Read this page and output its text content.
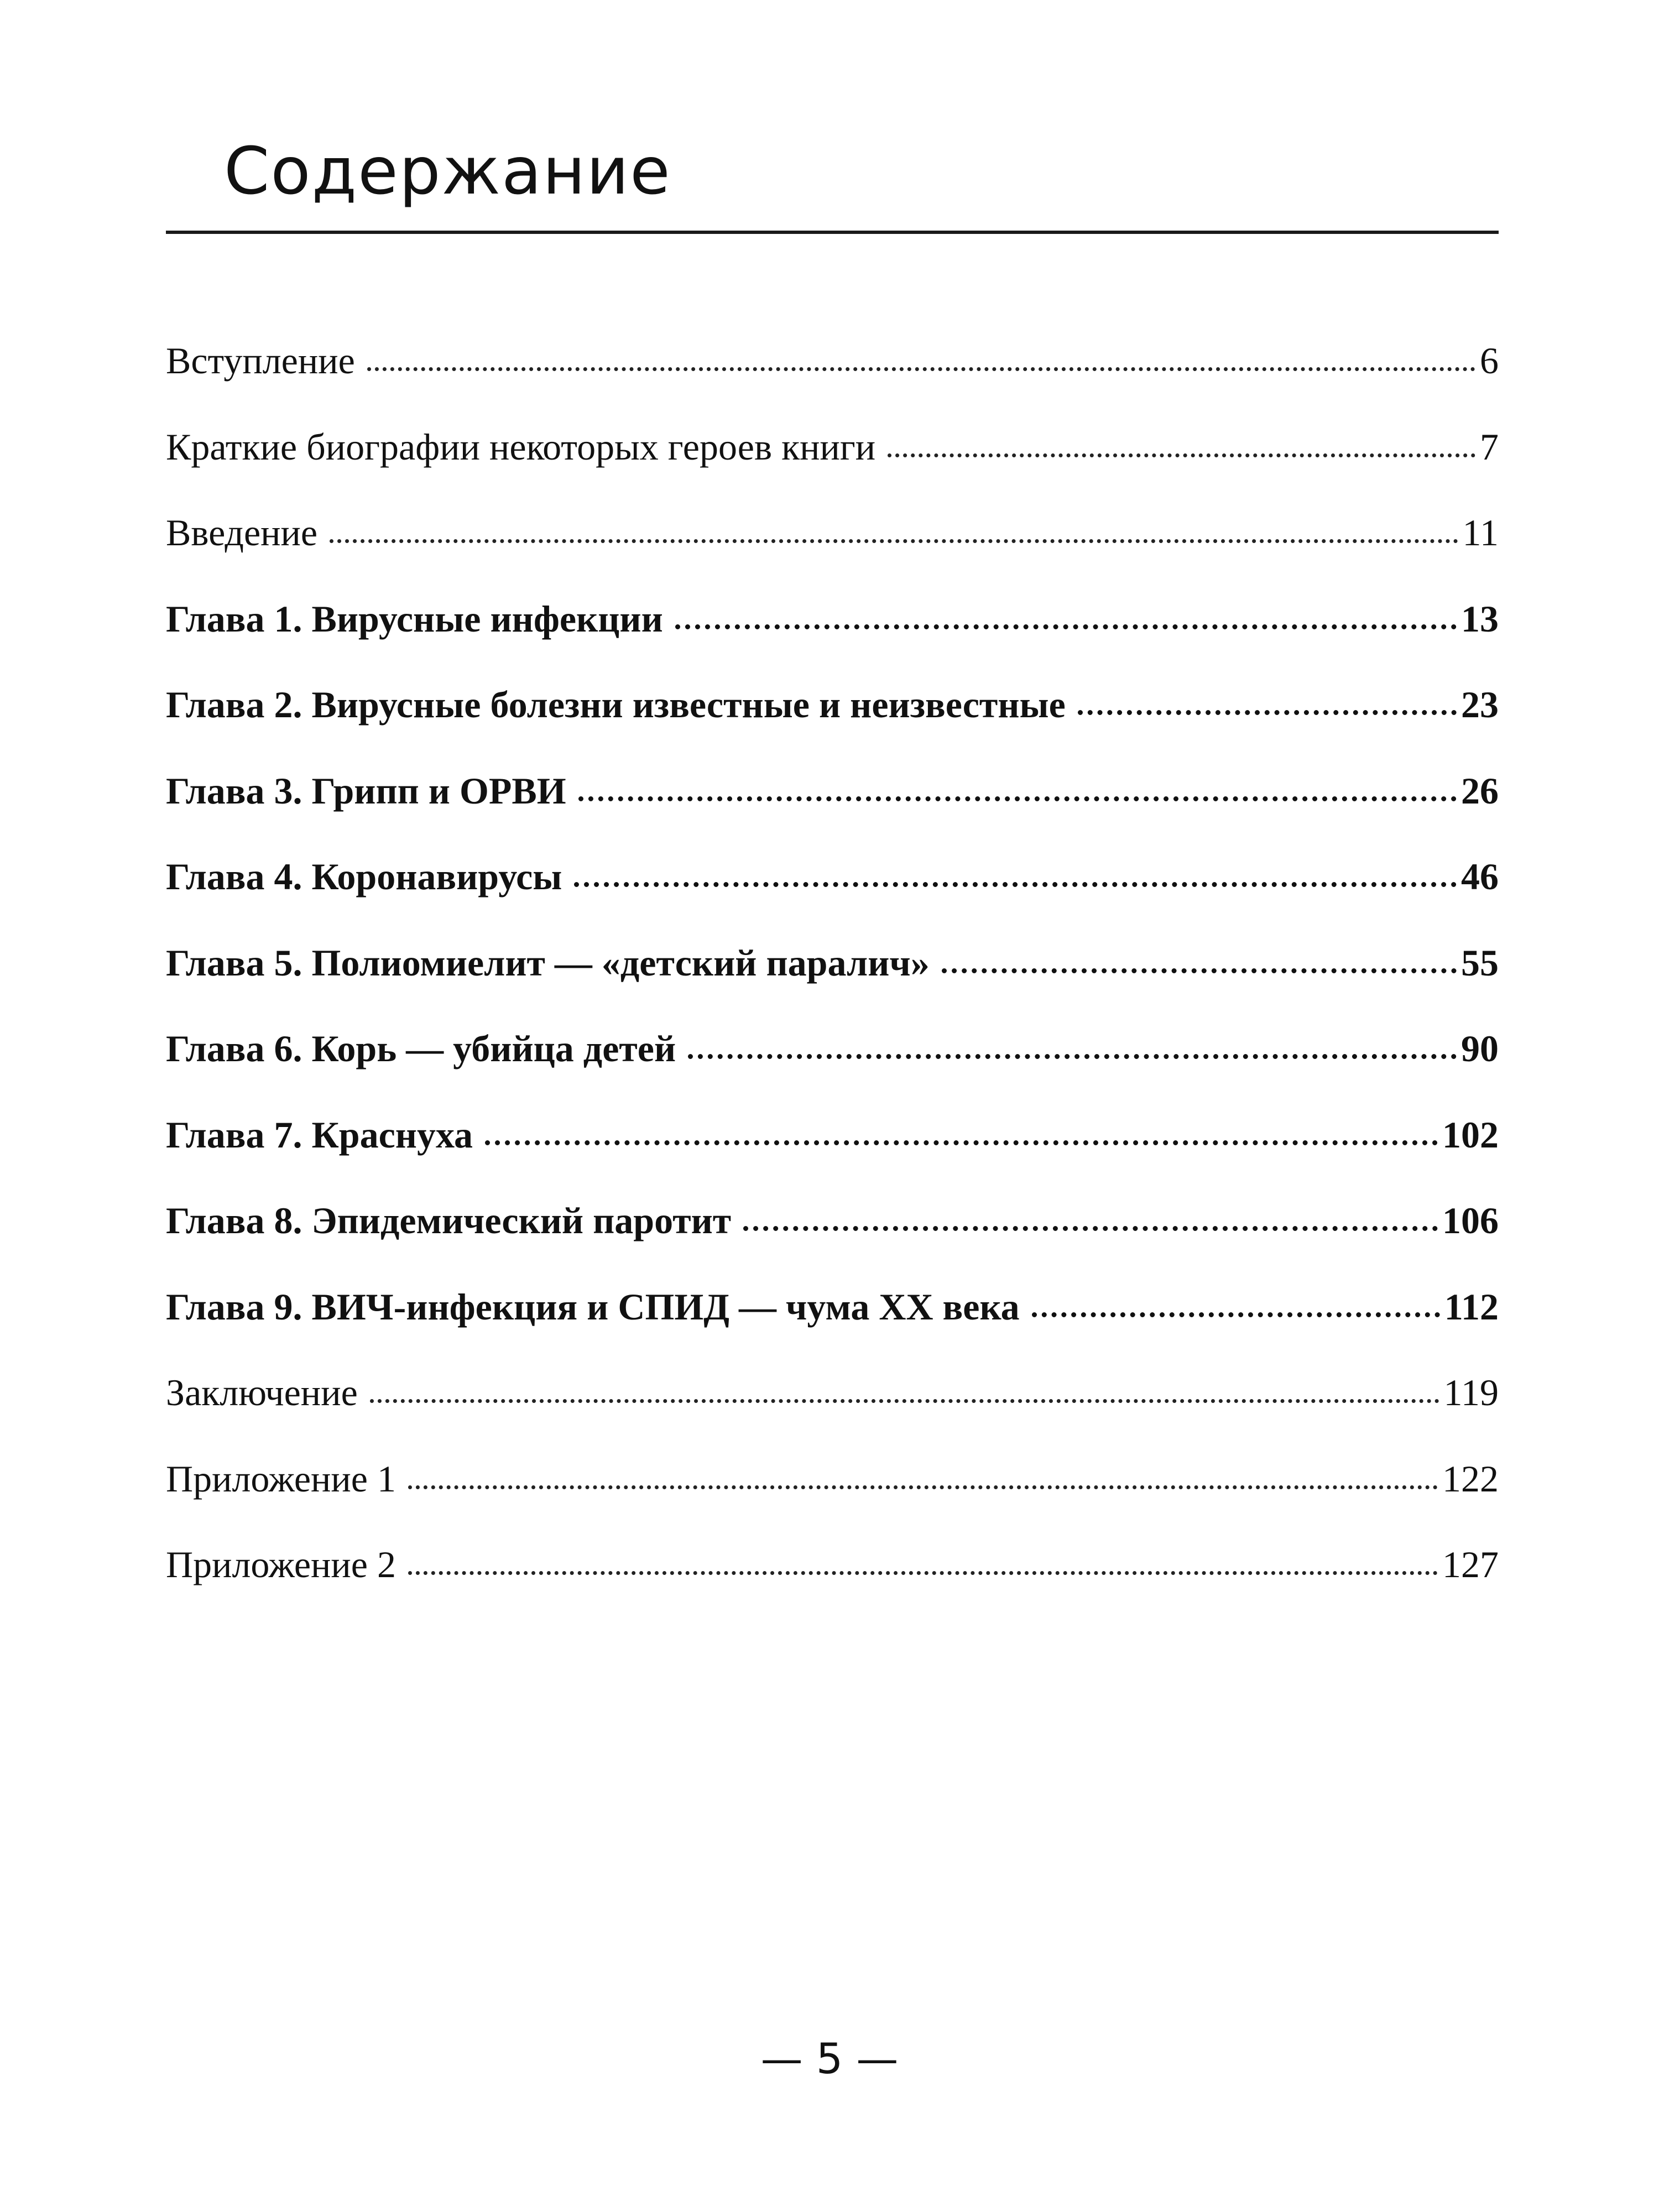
Содержание
Вступление	6
Краткие биографии некоторых героев книги	7
Введение	11
Глава 1. Вирусные инфекции	13
Глава 2. Вирусные болезни известные и неизвестные	23
Глава 3. Грипп и ОРВИ	26
Глава 4. Коронавирусы	46
Глава 5. Полиомиелит — «детский паралич»	55
Глава 6. Корь — убийца детей	90
Глава 7. Краснуха	102
Глава 8. Эпидемический паротит	106
Глава 9. ВИЧ-инфекция и СПИД — чума XX века	112
Заключение	119
Приложение 1	122
Приложение 2	127
— 5 —
